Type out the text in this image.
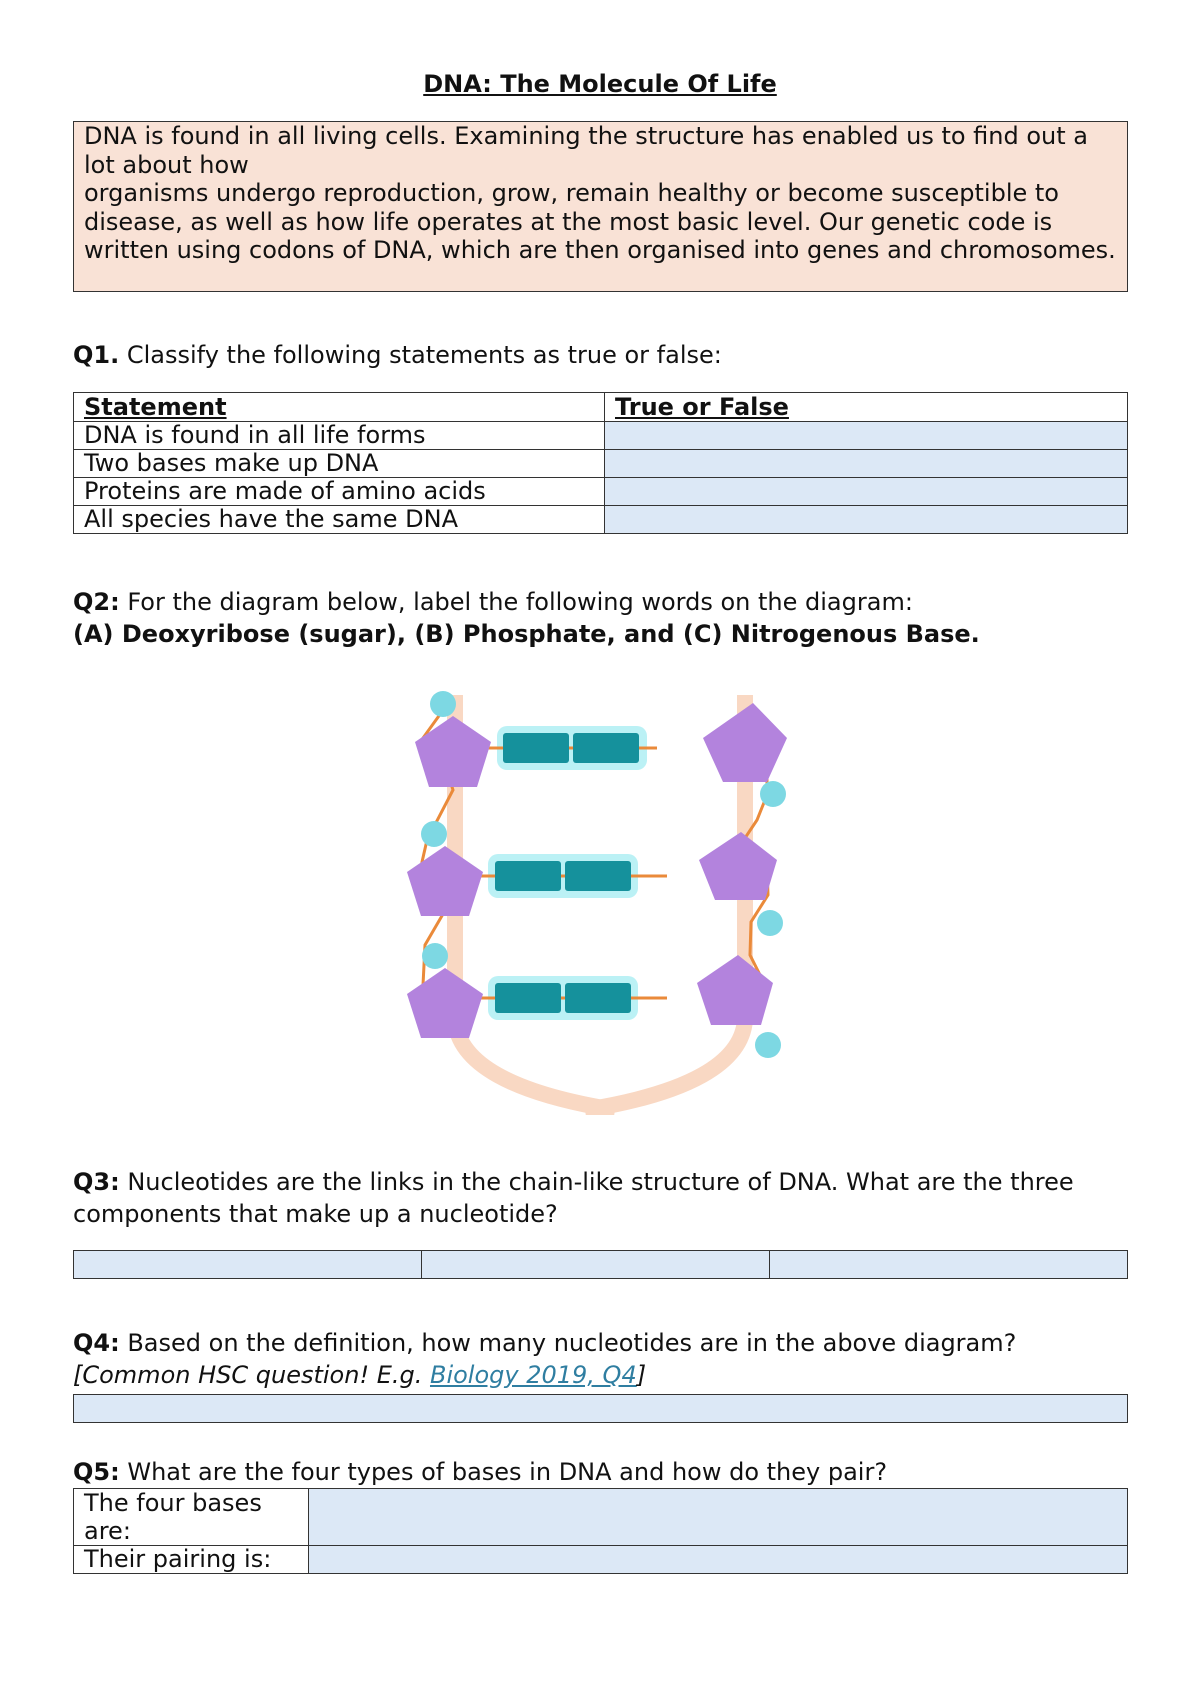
DNA: The Molecule Of Life

DNA is found in all living cells. Examining the structure has enabled us to find out a lot about how

organisms undergo reproduction, grow, remain healthy or become susceptible to disease, as well as how life operates at the most basic level. Our genetic code is written using codons of DNA, which are then organised into genes and chromosomes.

Q1. Classify the following statements as true or false:
Statement	True or False
DNA is found in all life forms	
Two bases make up DNA	
Proteins are made of amino acids	
All species have the same DNA	
Q2: For the diagram below, label the following words on the diagram:
(A) Deoxyribose (sugar), (B) Phosphate, and (C) Nitrogenous Base.
Q3: Nucleotides are the links in the chain-like structure of DNA. What are the three components that make up a nucleotide?

Q4: Based on the definition, how many nucleotides are in the above diagram?
[Common HSC question! E.g. Biology 2019, Q4]
Q5: What are the four types of bases in DNA and how do they pair?
The four bases are:	
Their pairing is:	
